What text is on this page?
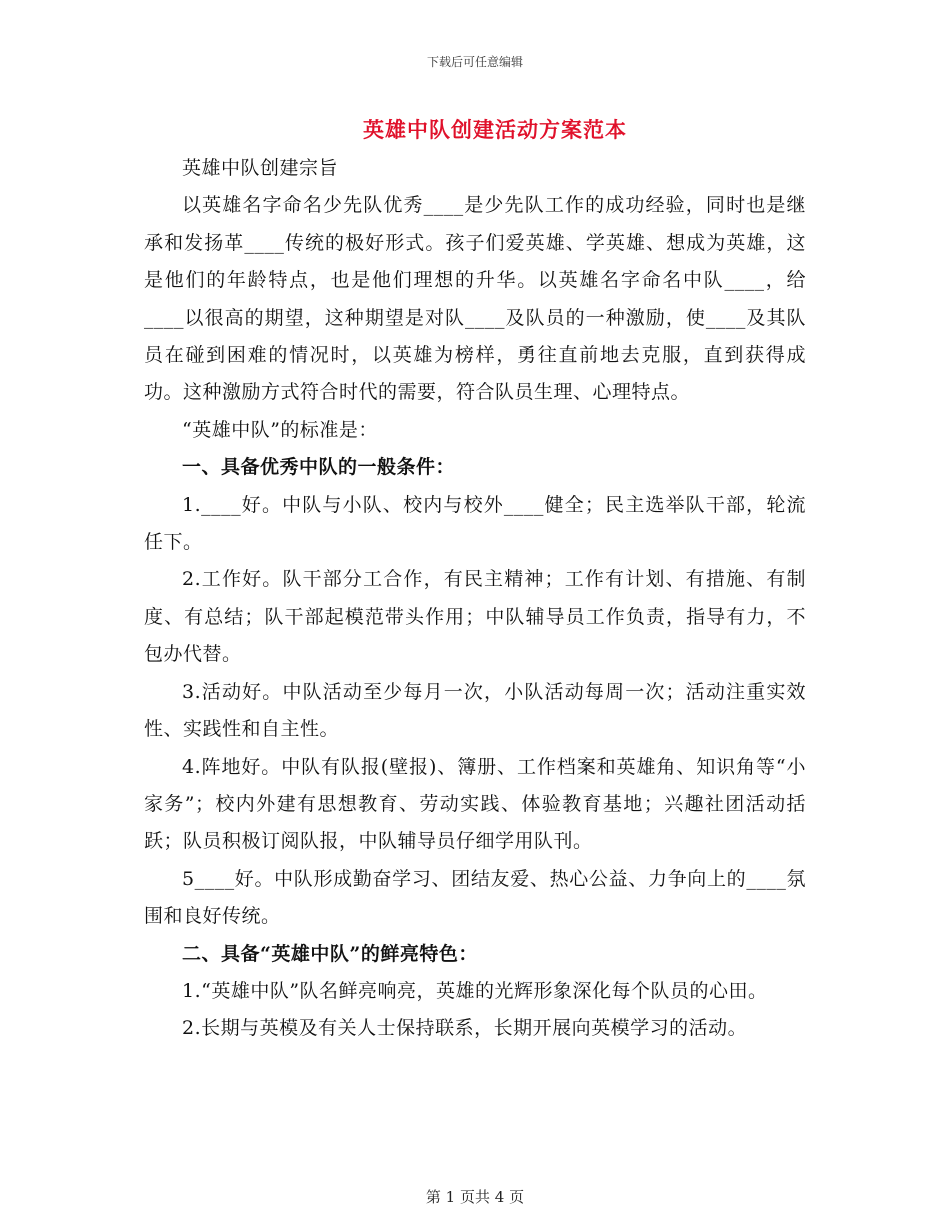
下载后可任意编辑
英雄中队创建活动方案范本

英雄中队创建宗旨

以英雄名字命名少先队优秀____是少先队工作的成功经验，同时也是继承和发扬革____传统的极好形式。孩子们爱英雄、学英雄、想成为英雄，这是他们的年龄特点，也是他们理想的升华。以英雄名字命名中队____，给____以很高的期望，这种期望是对队____及队员的一种激励，使____及其队员在碰到困难的情况时，以英雄为榜样，勇往直前地去克服，直到获得成功。这种激励方式符合时代的需要，符合队员生理、心理特点。

“英雄中队”的标准是：

一、具备优秀中队的一般条件：

1.____好。中队与小队、校内与校外____健全；民主选举队干部，轮流任下。

2.工作好。队干部分工合作，有民主精神；工作有计划、有措施、有制度、有总结；队干部起模范带头作用；中队辅导员工作负责，指导有力，不包办代替。

3.活动好。中队活动至少每月一次，小队活动每周一次；活动注重实效性、实践性和自主性。

4.阵地好。中队有队报(壁报)、簿册、工作档案和英雄角、知识角等“小家务”；校内外建有思想教育、劳动实践、体验教育基地；兴趣社团活动括跃；队员积极订阅队报，中队辅导员仔细学用队刊。

5____好。中队形成勤奋学习、团结友爱、热心公益、力争向上的____氛围和良好传统。

二、具备“英雄中队”的鲜亮特色：

1.“英雄中队”队名鲜亮响亮，英雄的光辉形象深化每个队员的心田。

2.长期与英模及有关人士保持联系，长期开展向英模学习的活动。

第 1 页共 4 页
